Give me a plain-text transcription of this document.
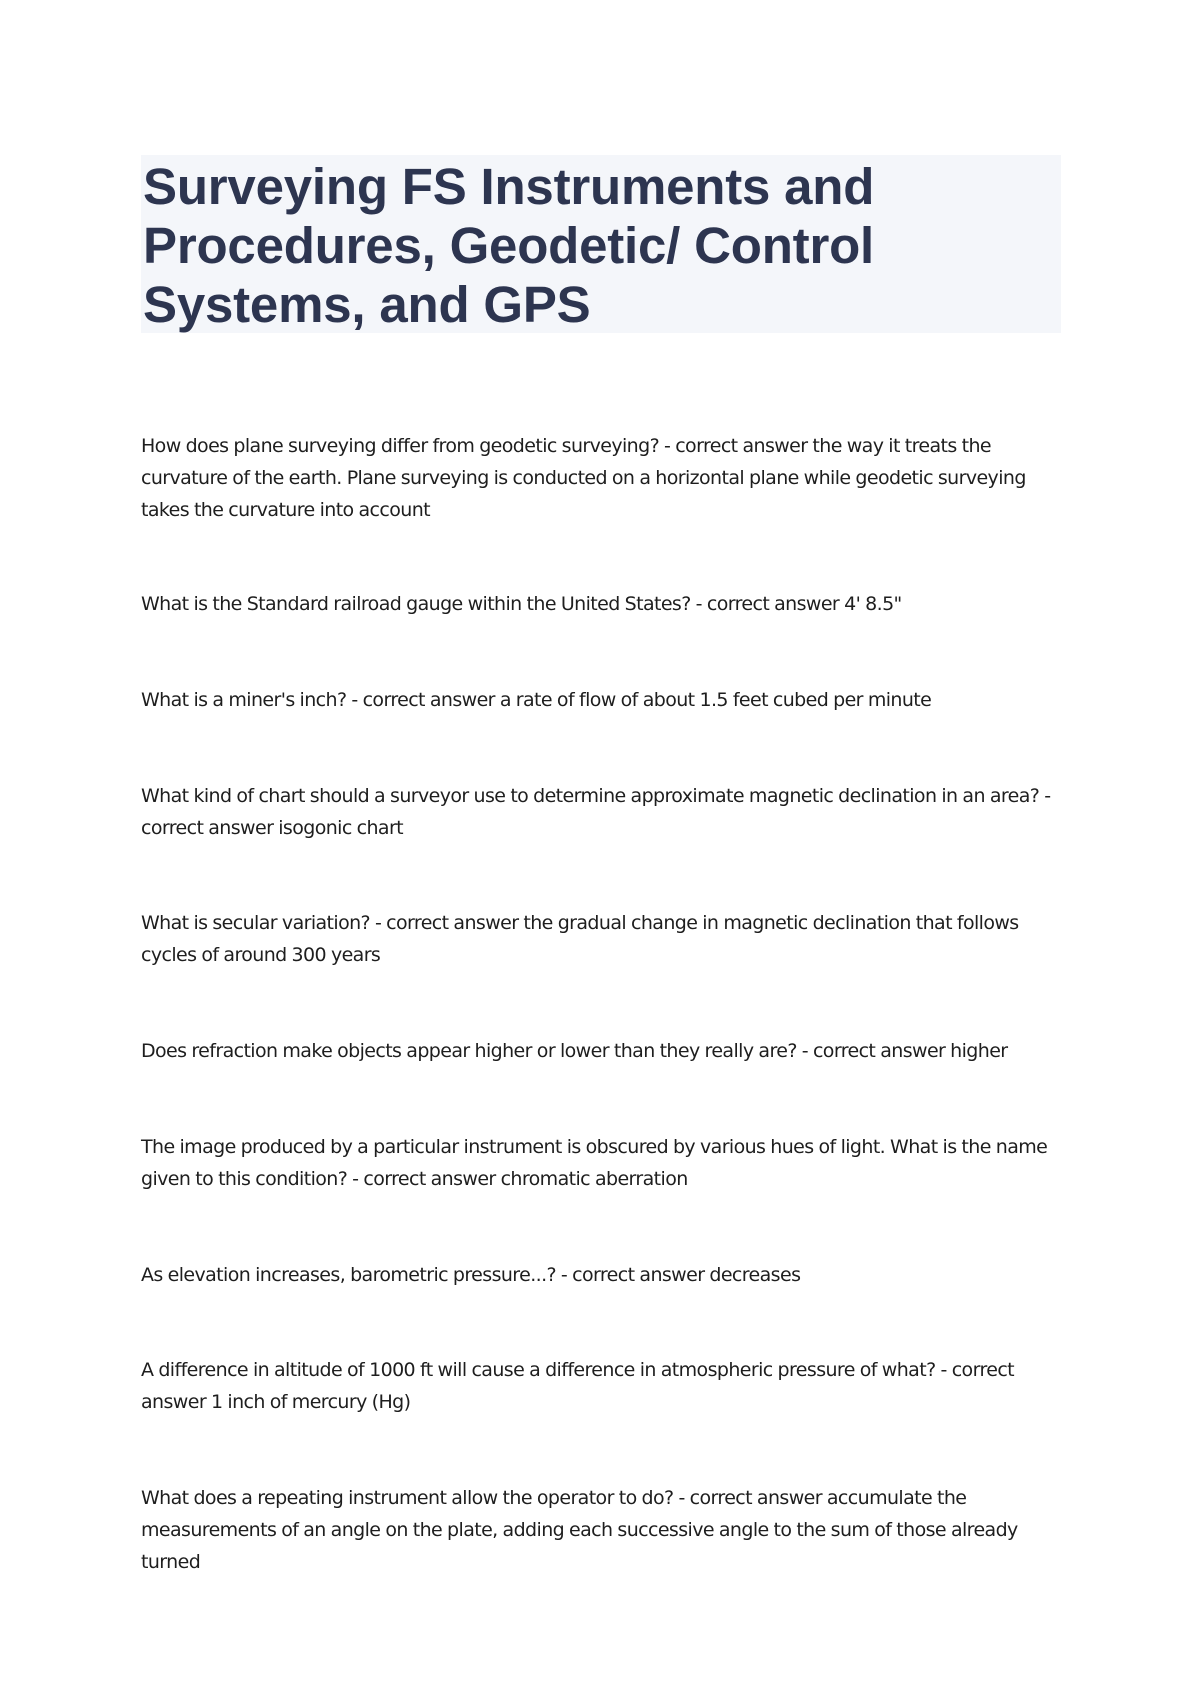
Surveying FS Instruments and Procedures, Geodetic/ Control Systems, and GPS
How does plane surveying differ from geodetic surveying? - correct answer the way it treats the curvature of the earth. Plane surveying is conducted on a horizontal plane while geodetic surveying takes the curvature into account
What is the Standard railroad gauge within the United States? - correct answer 4' 8.5"
What is a miner's inch? - correct answer a rate of flow of about 1.5 feet cubed per minute
What kind of chart should a surveyor use to determine approximate magnetic declination in an area? - correct answer isogonic chart
What is secular variation? - correct answer the gradual change in magnetic declination that follows cycles of around 300 years
Does refraction make objects appear higher or lower than they really are? - correct answer higher
The image produced by a particular instrument is obscured by various hues of light. What is the name given to this condition? - correct answer chromatic aberration
As elevation increases, barometric pressure...? - correct answer decreases
A difference in altitude of 1000 ft will cause a difference in atmospheric pressure of what? - correct answer 1 inch of mercury (Hg)
What does a repeating instrument allow the operator to do? - correct answer accumulate the measurements of an angle on the plate, adding each successive angle to the sum of those already turned
